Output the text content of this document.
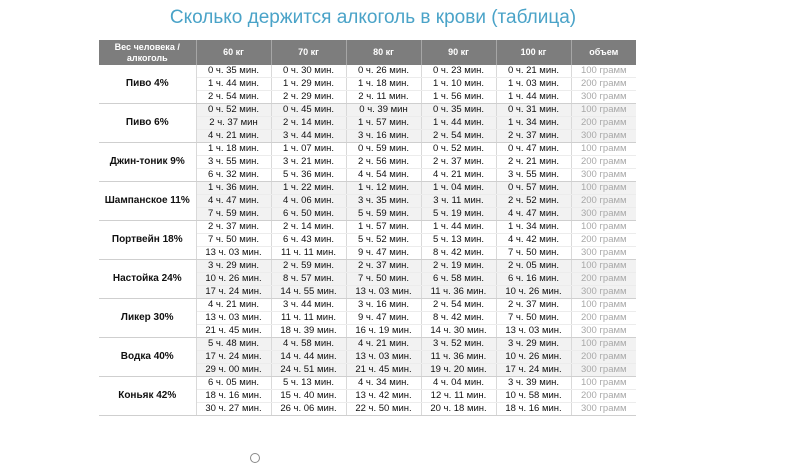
Сколько держится алкоголь в крови (таблица)
Вес человека / алкоголь	60 кг	70 кг	80 кг	90 кг	100 кг	объем
Пиво 4%	0 ч. 35 мин.	0 ч. 30 мин.	0 ч. 26 мин.	0 ч. 23 мин.	0 ч. 21 мин.	100 грамм
	1 ч. 44 мин.	1 ч. 29 мин.	1 ч. 18 мин.	1 ч. 10 мин.	1 ч. 03 мин.	200 грамм
	2 ч. 54 мин.	2 ч. 29 мин.	2 ч. 11 мин.	1 ч. 56 мин.	1 ч. 44 мин.	300 грамм
Пиво 6%	0 ч. 52 мин.	0 ч. 45 мин.	0 ч. 39 мин	0 ч. 35 мин.	0 ч. 31 мин.	100 грамм
	2 ч. 37 мин	2 ч. 14 мин.	1 ч. 57 мин.	1 ч. 44 мин.	1 ч. 34 мин.	200 грамм
	4 ч. 21 мин.	3 ч. 44 мин.	3 ч. 16 мин.	2 ч. 54 мин.	2 ч. 37 мин.	300 грамм
Джин-тоник 9%	1 ч. 18 мин.	1 ч. 07 мин.	0 ч. 59 мин.	0 ч. 52 мин.	0 ч. 47 мин.	100 грамм
	3 ч. 55 мин.	3 ч. 21 мин.	2 ч. 56 мин.	2 ч. 37 мин.	2 ч. 21 мин.	200 грамм
	6 ч. 32 мин.	5 ч. 36 мин.	4 ч. 54 мин.	4 ч. 21 мин.	3 ч. 55 мин.	300 грамм
Шампанское 11%	1 ч. 36 мин.	1 ч. 22 мин.	1 ч. 12 мин.	1 ч. 04 мин.	0 ч. 57 мин.	100 грамм
	4 ч. 47 мин.	4 ч. 06 мин.	3 ч. 35 мин.	3 ч. 11 мин.	2 ч. 52 мин.	200 грамм
	7 ч. 59 мин.	6 ч. 50 мин.	5 ч. 59 мин.	5 ч. 19 мин.	4 ч. 47 мин.	300 грамм
Портвейн 18%	2 ч. 37 мин.	2 ч. 14 мин.	1 ч. 57 мин.	1 ч. 44 мин.	1 ч. 34 мин.	100 грамм
	7 ч. 50 мин.	6 ч. 43 мин.	5 ч. 52 мин.	5 ч. 13 мин.	4 ч. 42 мин.	200 грамм
	13 ч. 03 мин.	11 ч. 11 мин.	9 ч. 47 мин.	8 ч. 42 мин.	7 ч. 50 мин.	300 грамм
Настойка 24%	3 ч. 29 мин.	2 ч. 59 мин.	2 ч. 37 мин.	2 ч. 19 мин.	2 ч. 05 мин.	100 грамм
	10 ч. 26 мин.	8 ч. 57 мин.	7 ч. 50 мин.	6 ч. 58 мин.	6 ч. 16 мин.	200 грамм
	17 ч. 24 мин.	14 ч. 55 мин.	13 ч. 03 мин.	11 ч. 36 мин.	10 ч. 26 мин.	300 грамм
Ликер 30%	4 ч. 21 мин.	3 ч. 44 мин.	3 ч. 16 мин.	2 ч. 54 мин.	2 ч. 37 мин.	100 грамм
	13 ч. 03 мин.	11 ч. 11 мин.	9 ч. 47 мин.	8 ч. 42 мин.	7 ч. 50 мин.	200 грамм
	21 ч. 45 мин.	18 ч. 39 мин.	16 ч. 19 мин.	14 ч. 30 мин.	13 ч. 03 мин.	300 грамм
Водка 40%	5 ч. 48 мин.	4 ч. 58 мин.	4 ч. 21 мин.	3 ч. 52 мин.	3 ч. 29 мин.	100 грамм
	17 ч. 24 мин.	14 ч. 44 мин.	13 ч. 03 мин.	11 ч. 36 мин.	10 ч. 26 мин.	200 грамм
	29 ч. 00 мин.	24 ч. 51 мин.	21 ч. 45 мин.	19 ч. 20 мин.	17 ч. 24 мин.	300 грамм
Коньяк 42%	6 ч. 05 мин.	5 ч. 13 мин.	4 ч. 34 мин.	4 ч. 04 мин.	3 ч. 39 мин.	100 грамм
	18 ч. 16 мин.	15 ч. 40 мин.	13 ч. 42 мин.	12 ч. 11 мин.	10 ч. 58 мин.	200 грамм
	30 ч. 27 мин.	26 ч. 06 мин.	22 ч. 50 мин.	20 ч. 18 мин.	18 ч. 16 мин.	300 грамм
